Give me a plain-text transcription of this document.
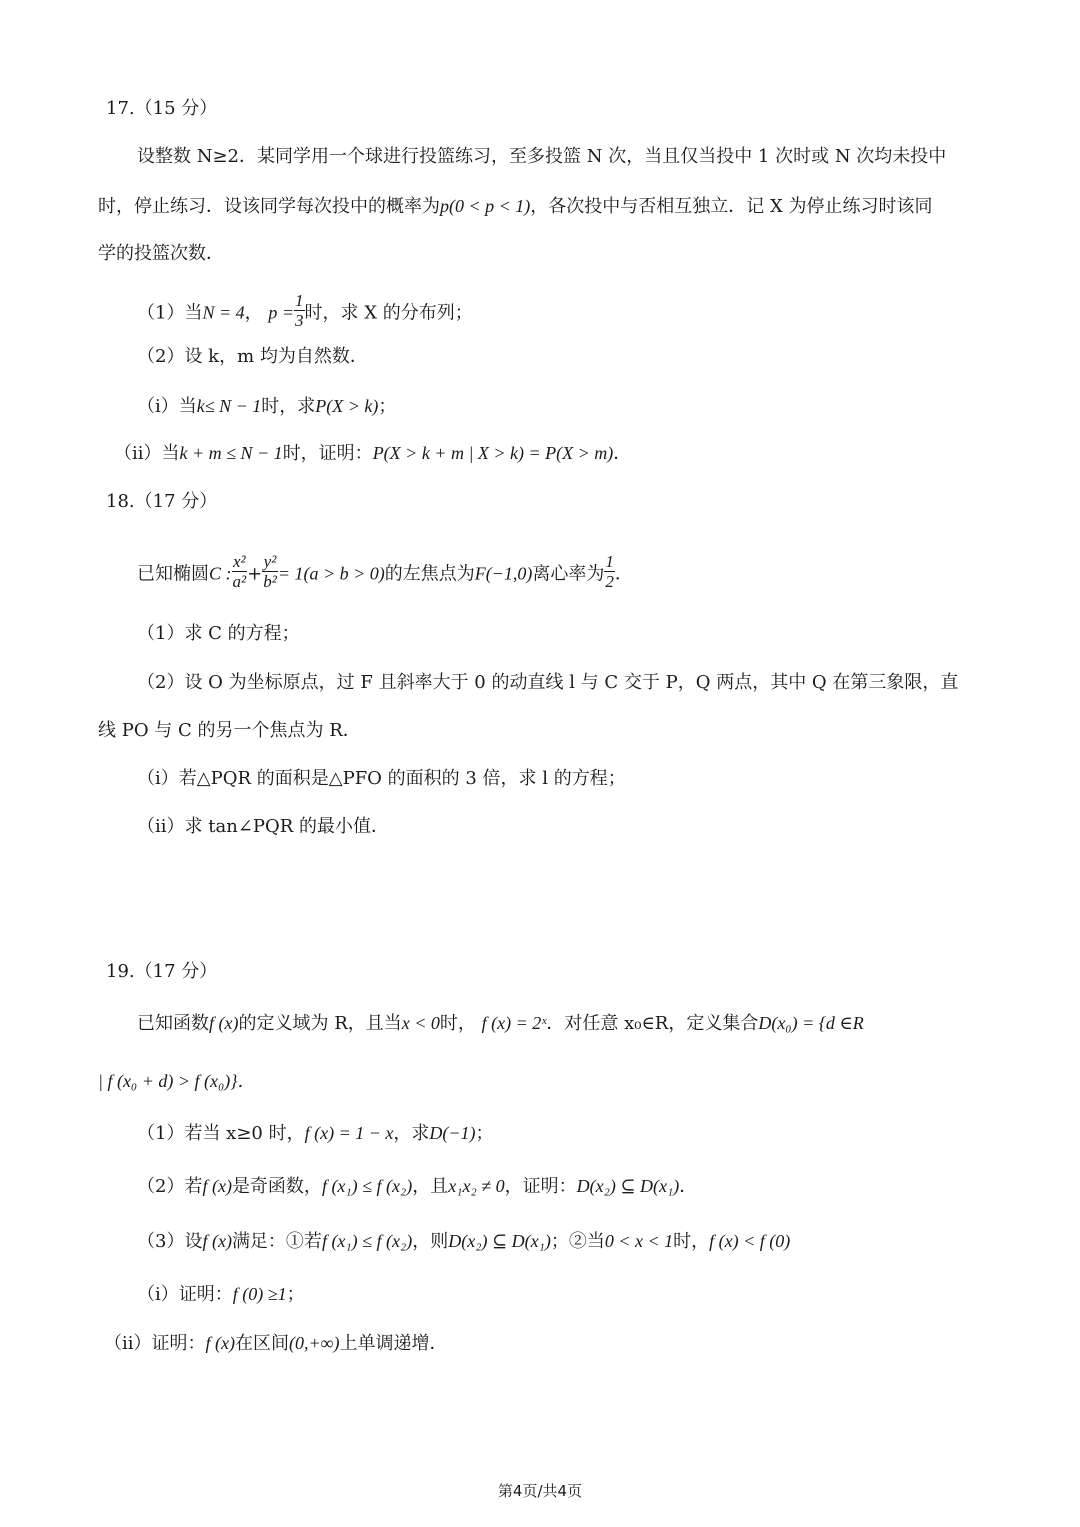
17.（15 分）
设整数 N≥2．某同学用一个球进行投篮练习，至多投篮 N 次，当且仅当投中 1 次时或 N 次均未投中
时，停止练习．设该同学每次投中的概率为p(0 < p < 1)，各次投中与否相互独立．记 X 为停止练习时该同
学的投篮次数．
（1）当N = 4， $p = \frac{1}{3}$ 时，求 X 的分布列；
（2）设 k，m 均为自然数．
（ⅰ）当k≤ N − 1时，求P(X > k)；
（ⅱ）当k + m ≤ N − 1时，证明：P(X > k + m | X > k) = P(X > m)．
18.（17 分）
已知椭圆C : $\frac{\text{x²}}{\text{a²}} + \frac{\text{y²}}{\text{b²}} = 1(a > b > 0)$的左焦点为F(−1,0)离心率为 $\frac{1}{2}$ ．
（1）求 C 的方程；
（2）设 O 为坐标原点，过 F 且斜率大于 0 的动直线 l 与 C 交于 P，Q 两点，其中 Q 在第三象限，直
线 PO 与 C 的另一个焦点为 R．
（ⅰ）若△PQR 的面积是△PFO 的面积的 3 倍，求 l 的方程；
（ⅱ）求 tan∠PQR 的最小值．
19.（17 分）
已知函数f (x)的定义域为 R，且当x < 0时， f (x) = 2ˣ．对任意 x₀∈R，定义集合D(x₀) = {d ∈R
| f (x₀ + d) > f (x₀)}．
（1）若当 x≥0 时，f (x) = 1 − x，求D(−1)；
（2）若f (x)是奇函数，f (x₁) ≤ f (x₂)，且x₁x₂ ≠ 0，证明：D(x₂) ⊆ D(x₁)．
（3）设f (x)满足：①若f (x₁) ≤ f (x₂)，则D(x₂) ⊆ D(x₁)；②当0 < x < 1时，f (x) < f (0)
（ⅰ）证明：f (0) ≥1；
（ⅱ）证明：f (x)在区间(0,+∞)上单调递增．
第4页/共4页
